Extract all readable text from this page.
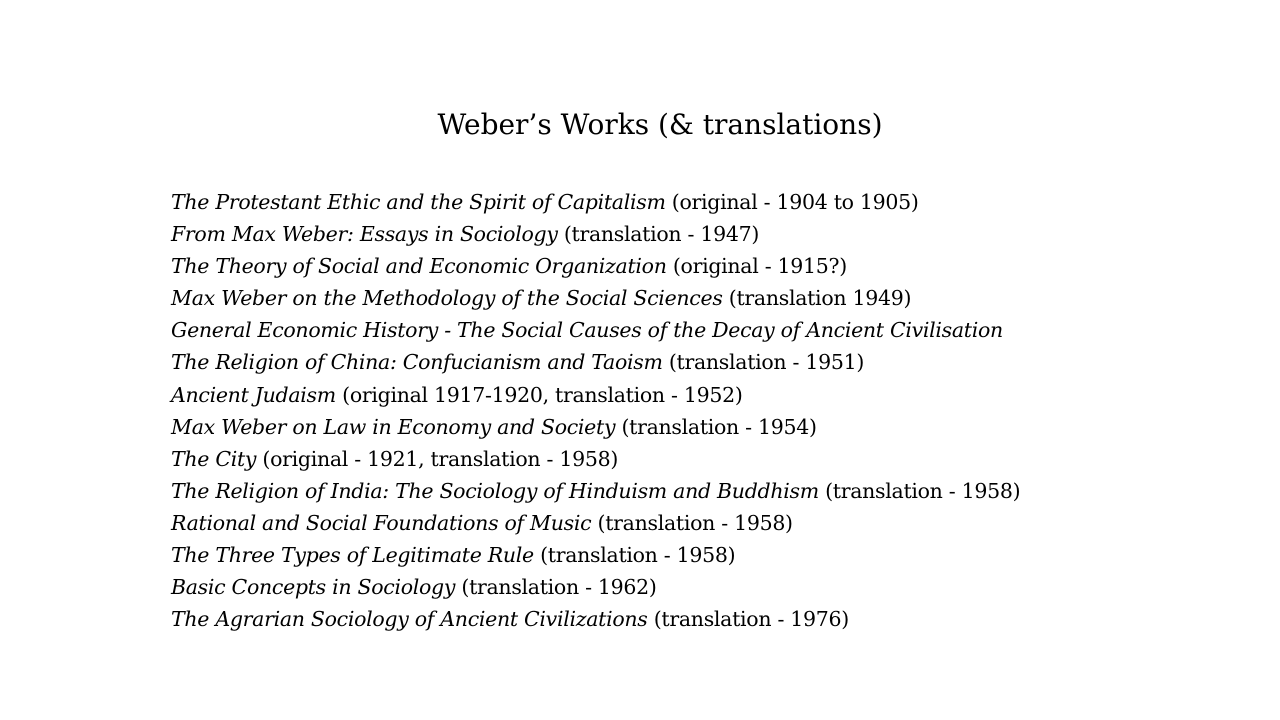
Weber’s Works (& translations)
The Protestant Ethic and the Spirit of Capitalism (original - 1904 to 1905)
From Max Weber: Essays in Sociology (translation - 1947)
The Theory of Social and Economic Organization (original - 1915?)
Max Weber on the Methodology of the Social Sciences (translation 1949)
General Economic History - The Social Causes of the Decay of Ancient Civilisation
The Religion of China: Confucianism and Taoism (translation - 1951)
Ancient Judaism (original 1917-1920, translation - 1952)
Max Weber on Law in Economy and Society (translation - 1954)
The City (original - 1921, translation - 1958)
The Religion of India: The Sociology of Hinduism and Buddhism (translation - 1958)
Rational and Social Foundations of Music (translation - 1958)
The Three Types of Legitimate Rule (translation - 1958)
Basic Concepts in Sociology (translation - 1962)
The Agrarian Sociology of Ancient Civilizations (translation - 1976)
